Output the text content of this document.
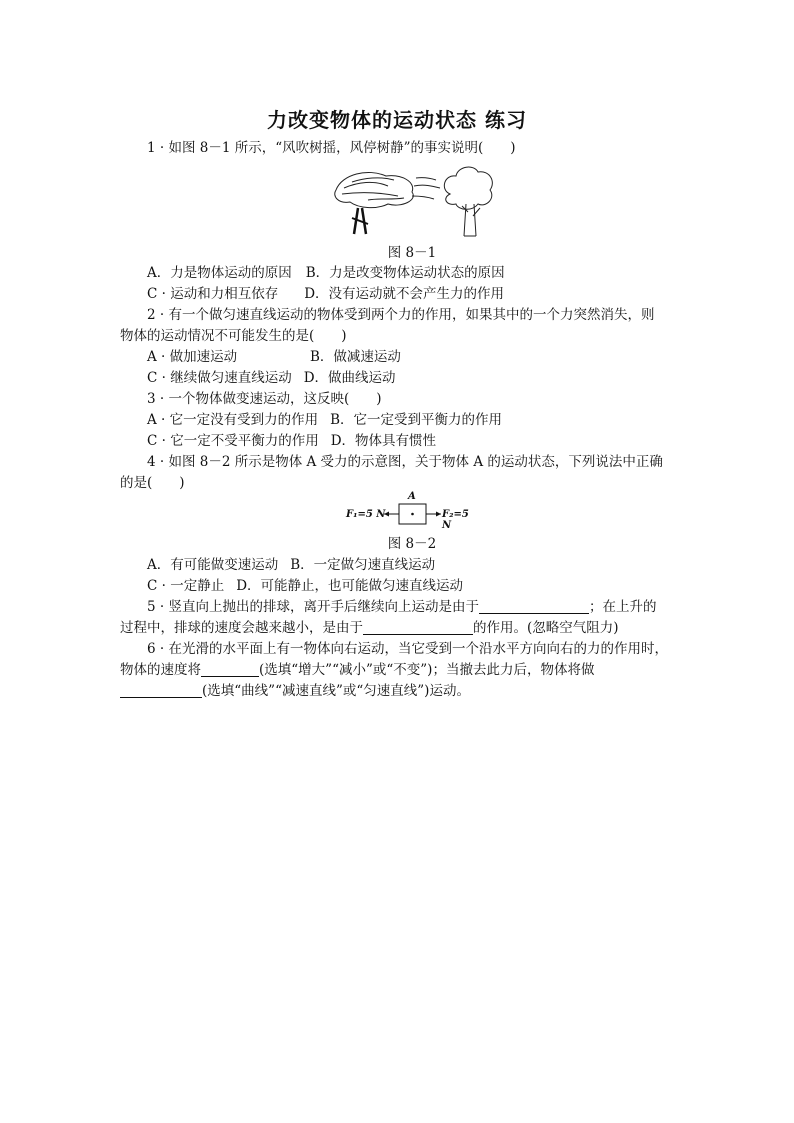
力改变物体的运动状态 练习
1 · 如图 8－1 所示，“风吹树摇，风停树静”的事实说明(　　)
图 8－1
A．力是物体运动的原因 B．力是改变物体运动状态的原因
C · 运动和力相互依存 D．没有运动就不会产生力的作用
2 · 有一个做匀速直线运动的物体受到两个力的作用，如果其中的一个力突然消失，则
物体的运动情况不可能发生的是(　　)
A · 做加速运动	B．做减速运动
C · 继续做匀速直线运动 D．做曲线运动
3 · 一个物体做变速运动，这反映(　　)
A · 它一定没有受到力的作用 B．它一定受到平衡力的作用
C · 它一定不受平衡力的作用 D．物体具有惯性
4 · 如图 8－2 所示是物体 A 受力的示意图，关于物体 A 的运动状态，下列说法中正确
的是(　　)
A
F₁=5 N	F₂=5 N
图 8－2
A．有可能做变速运动 B．一定做匀速直线运动
C · 一定静止 D．可能静止，也可能做匀速直线运动
5 · 竖直向上抛出的排球，离开手后继续向上运动是由于	；在上升的
过程中，排球的速度会越来越小，是由于	的作用。(忽略空气阻力)
6 · 在光滑的水平面上有一物体向右运动，当它受到一个沿水平方向向右的力的作用时，
物体的速度将	(选填“增大”“减小”或“不变”)；当撤去此力后，物体将做
(选填“曲线”“减速直线”或“匀速直线”)运动。
